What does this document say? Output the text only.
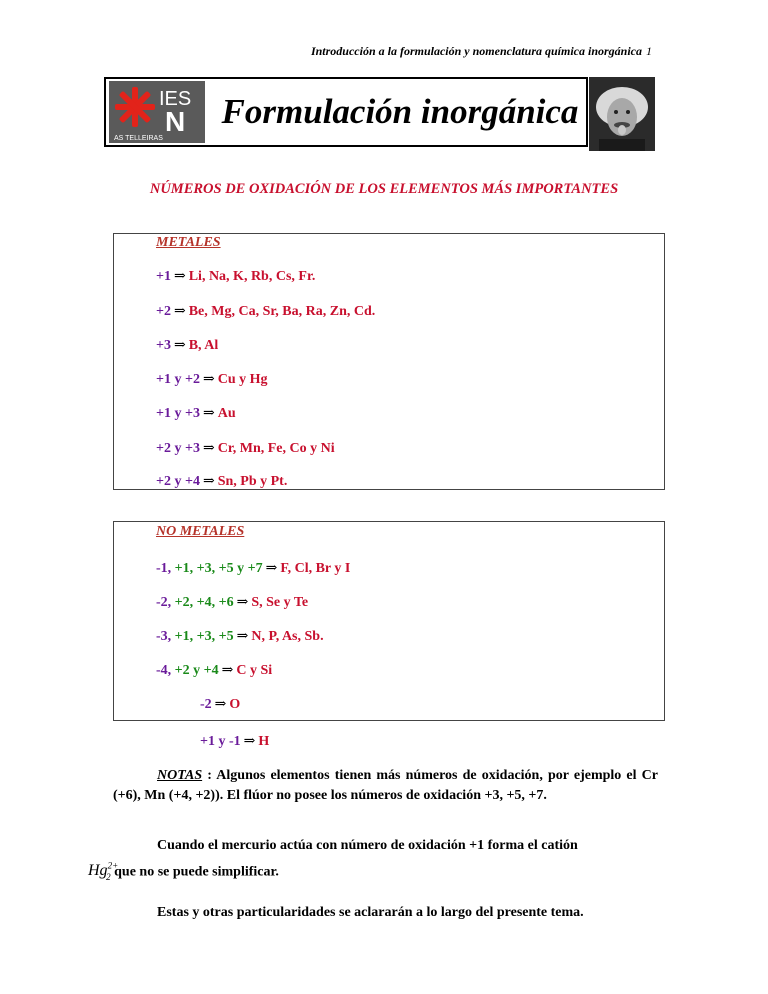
Introducción a la formulación y nomenclatura química inorgánica 1
IES
N
AS TELLEIRAS
Formulación inorgánica
NÚMEROS DE OXIDACIÓN DE LOS ELEMENTOS MÁS IMPORTANTES
METALES
+1 ⇒ Li, Na, K, Rb, Cs, Fr.
+2 ⇒ Be, Mg, Ca, Sr, Ba, Ra, Zn, Cd.
+3 ⇒ B, Al
+1 y +2 ⇒ Cu y Hg
+1 y +3 ⇒ Au
+2 y +3 ⇒ Cr, Mn, Fe, Co y Ni
+2 y +4 ⇒ Sn, Pb y Pt.
NO METALES
-1, +1, +3, +5 y +7 ⇒ F, Cl, Br y I
-2, +2, +4, +6 ⇒ S, Se y Te
-3, +1, +3, +5 ⇒ N, P, As, Sb.
-4, +2 y +4 ⇒ C y Si
-2 ⇒ O
+1 y -1 ⇒ H
NOTAS : Algunos elementos tienen más números de oxidación, por ejemplo el Cr (+6), Mn (+4, +2)). El flúor no posee los números de oxidación +3, +5, +7.
Cuando el mercurio actúa con número de oxidación +1 forma el catión
$Hg^{2+}_2$ que no se puede simplificar.
Estas y otras particularidades se aclararán a lo largo del presente tema.
